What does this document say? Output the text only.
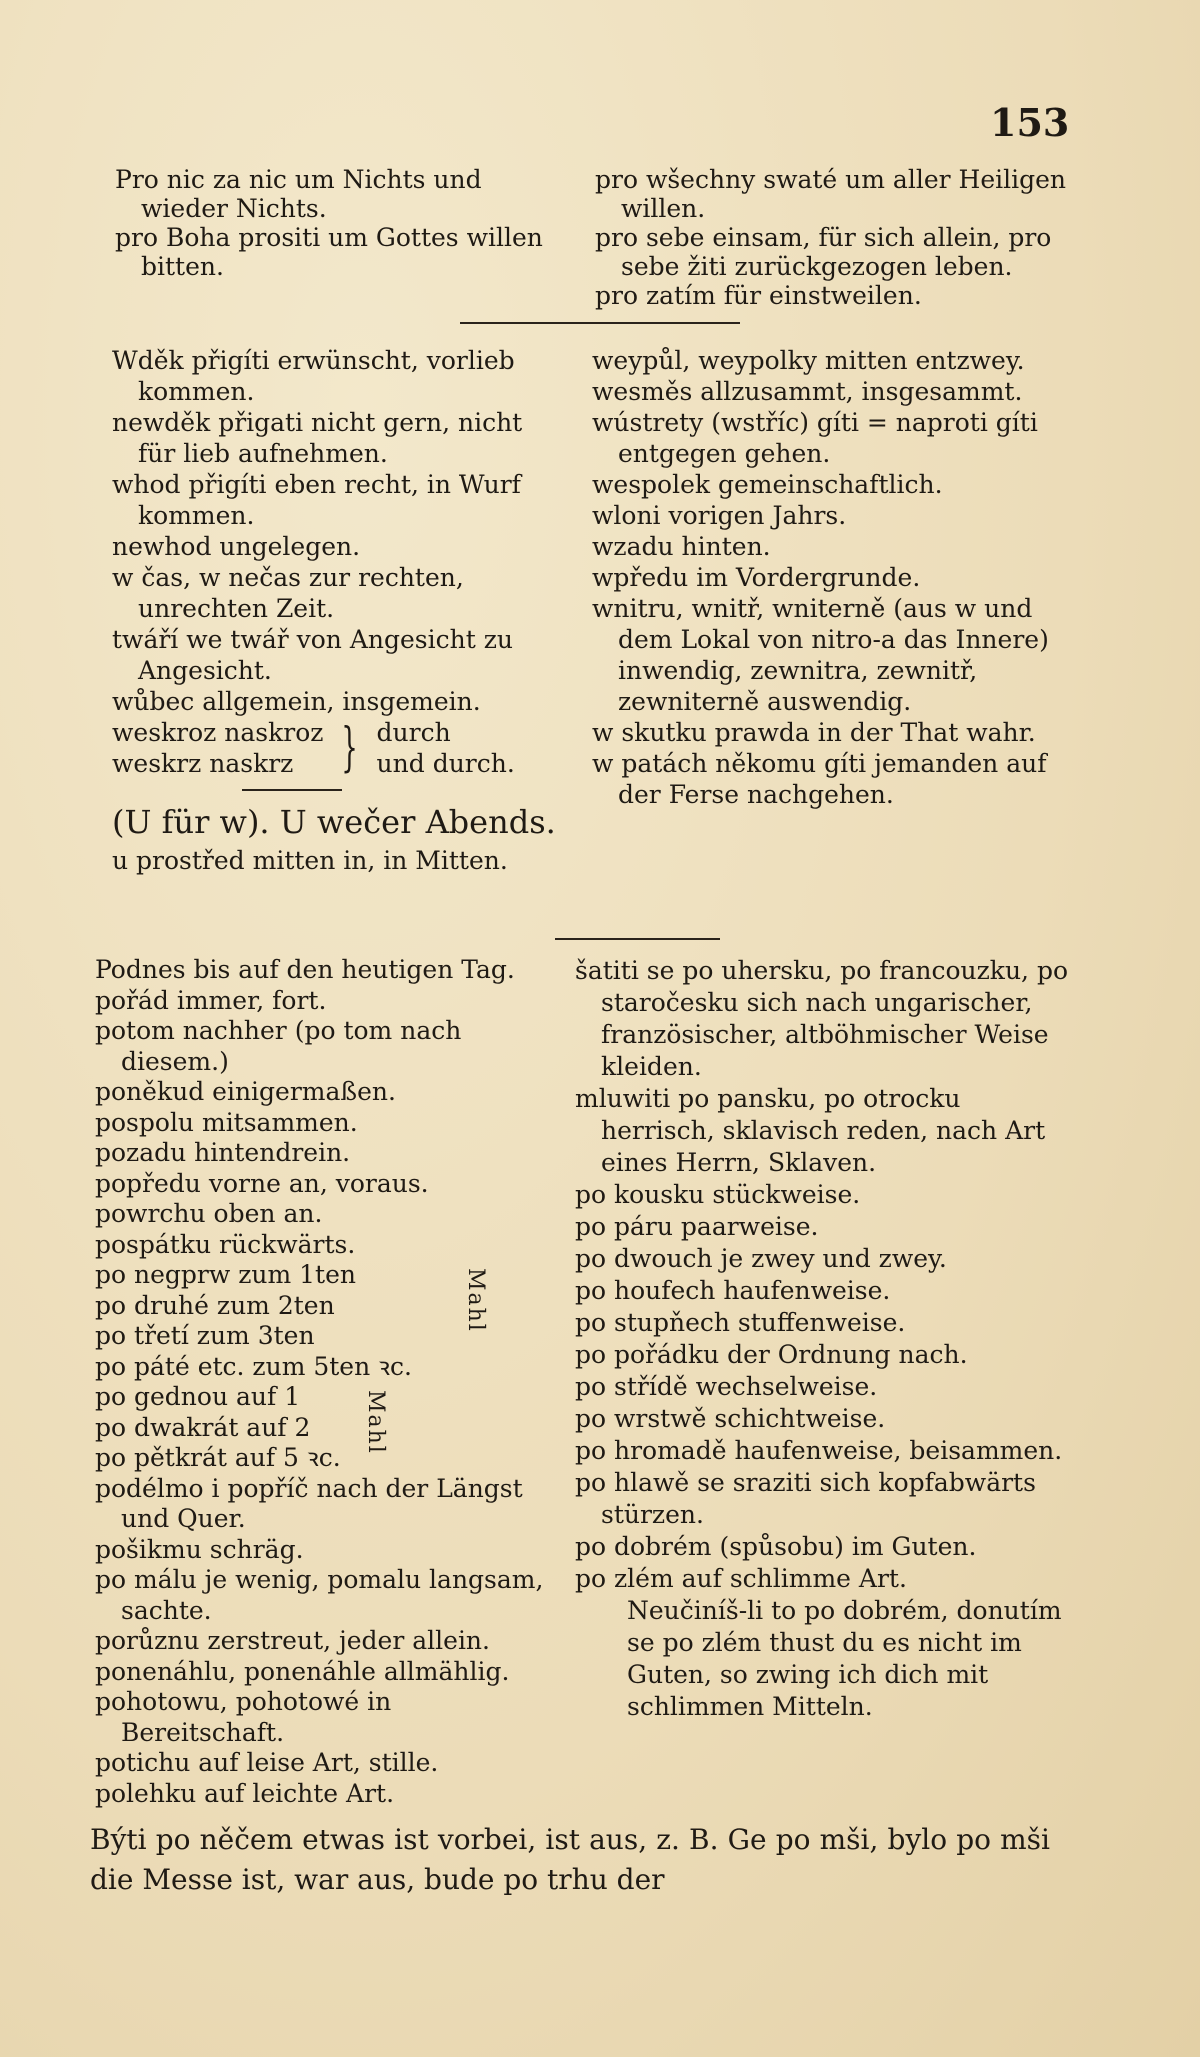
153

Pro nic za nic um Nichts und wieder Nichts.

pro Boha prositi um Gottes willen bitten.

pro wšechny swaté um aller Heiligen willen.

pro sebe einsam, für sich allein, pro sebe žiti zurückgezogen leben.

pro zatím für einstweilen.

Wděk přigíti erwünscht, vorlieb kommen.

newděk přigati nicht gern, nicht für lieb aufnehmen.

whod přigíti eben recht, in Wurf kommen.

newhod ungelegen.

w čas, w nečas zur rechten, unrechten Zeit.

twáří we twář von Angesicht zu Angesicht.

wůbec allgemein, insgemein.

weskroz naskroz
weskrz naskrz } durch
und durch.
(U für w). U wečer Abends.

u prostřed mitten in, in Mitten.

weypůl, weypolky mitten entzwey.

wesměs allzusammt, insgesammt.

wústrety (wstříc) gíti = naproti gíti entgegen gehen.

wespolek gemeinschaftlich.

wloni vorigen Jahrs.

wzadu hinten.

wpředu im Vordergrunde.

wnitru, wnitř, wniterně (aus w und dem Lokal von nitro-a das Innere) inwendig, zewnitra, zewnitř, zewniterně auswendig.

w skutku prawda in der That wahr.

w patách někomu gíti jemanden auf der Ferse nachgehen.

Podnes bis auf den heutigen Tag.

pořád immer, fort.

potom nachher (po tom nach diesem.)

poněkud einigermaßen.

pospolu mitsammen.

pozadu hintendrein.

popředu vorne an, voraus.

powrchu oben an.

pospátku rückwärts.

po negprw zum 1ten

po druhé zum 2ten

po třetí zum 3ten

po páté etc. zum 5ten ꝛc.

Mahl

po gednou auf 1

po dwakrát auf 2

po pětkrát auf 5 ꝛc.

Mahl

podélmo i popříč nach der Längst und Quer.

pošikmu schräg.

po málu je wenig, pomalu langsam, sachte.

porůznu zerstreut, jeder allein.

ponenáhlu, ponenáhle allmählig.

pohotowu, pohotowé in Bereitschaft.

potichu auf leise Art, stille.

polehku auf leichte Art.

šatiti se po uhersku, po francouzku, po staročesku sich nach ungarischer, französischer, altböhmischer Weise kleiden.

mluwiti po pansku, po otrocku herrisch, sklavisch reden, nach Art eines Herrn, Sklaven.

po kousku stückweise.

po páru paarweise.

po dwouch je zwey und zwey.

po houfech haufenweise.

po stupňech stuffenweise.

po pořádku der Ordnung nach.

po střídě wechselweise.

po wrstwě schichtweise.

po hromadě haufenweise, beisammen.

po hlawě se sraziti sich kopfabwärts stürzen.

po dobrém (spůsobu) im Guten.

po zlém auf schlimme Art.

Neučiníš-li to po dobrém, donutím se po zlém thust du es nicht im Guten, so zwing ich dich mit schlimmen Mitteln.

Býti po něčem etwas ist vorbei, ist aus, z. B. Ge po mši, bylo po mši die Messe ist, war aus, bude po trhu der
